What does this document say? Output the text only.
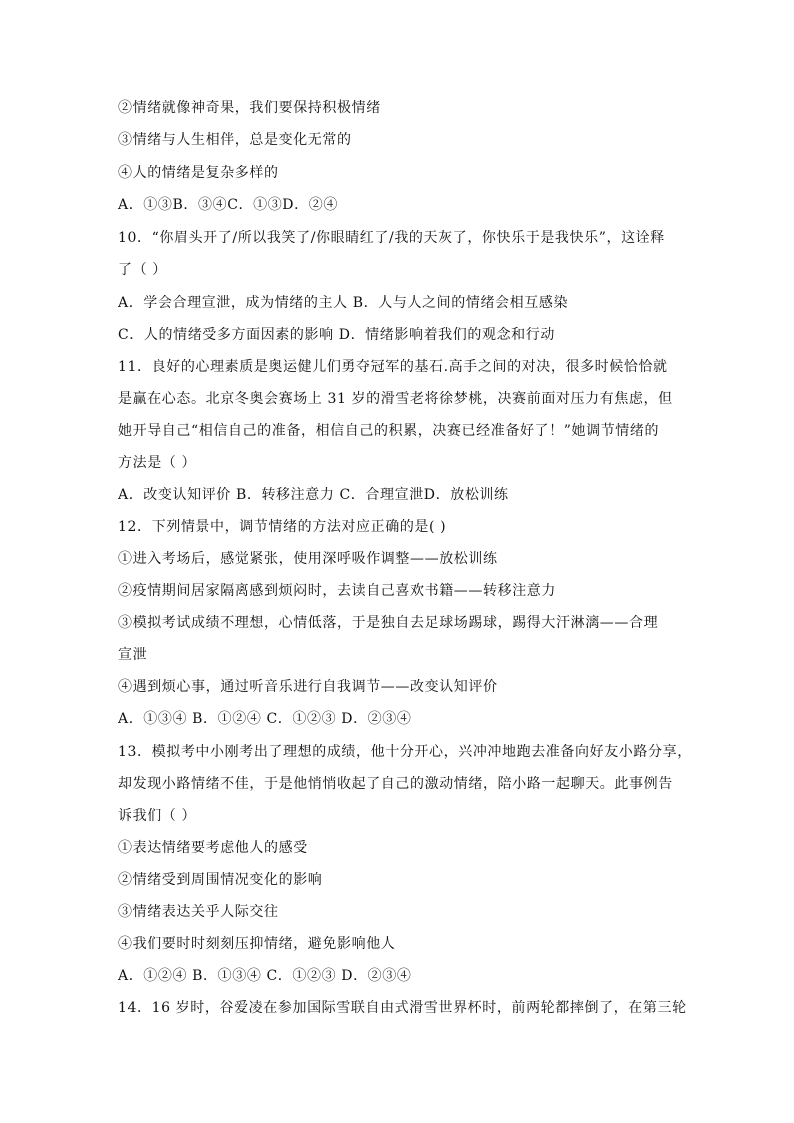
②情绪就像神奇果，我们要保持积极情绪
③情绪与人生相伴，总是变化无常的
④人的情绪是复杂多样的
A．①③B．③④C．①③D．②④
10．“你眉头开了/所以我笑了/你眼睛红了/我的天灰了，你快乐于是我快乐”，这诠释
了（ ）
A．学会合理宣泄，成为情绪的主人 B．人与人之间的情绪会相互感染
C．人的情绪受多方面因素的影响 D．情绪影响着我们的观念和行动
11．良好的心理素质是奥运健儿们勇夺冠军的基石.高手之间的对决，很多时候恰恰就
是赢在心态。北京冬奥会赛场上 31 岁的滑雪老将徐梦桃，决赛前面对压力有焦虑，但
她开导自己“相信自己的准备，相信自己的积累，决赛已经准备好了！”她调节情绪的
方法是（ ）
A．改变认知评价 B．转移注意力 C．合理宣泄D．放松训练
12．下列情景中，调节情绪的方法对应正确的是( )
①进入考场后，感觉紧张，使用深呼吸作调整——放松训练
②疫情期间居家隔离感到烦闷时，去读自己喜欢书籍——转移注意力
③模拟考试成绩不理想，心情低落，于是独自去足球场踢球，踢得大汗淋漓——合理
宣泄
④遇到烦心事，通过听音乐进行自我调节——改变认知评价
A．①③④ B．①②④ C．①②③ D．②③④
13．模拟考中小刚考出了理想的成绩，他十分开心，兴冲冲地跑去准备向好友小路分享，
却发现小路情绪不佳，于是他悄悄收起了自己的激动情绪，陪小路一起聊天。此事例告
诉我们（ ）
①表达情绪要考虑他人的感受
②情绪受到周围情况变化的影响
③情绪表达关乎人际交往
④我们要时时刻刻压抑情绪，避免影响他人
A．①②④ B．①③④ C．①②③ D．②③④
14．16 岁时，谷爱凌在参加国际雪联自由式滑雪世界杯时，前两轮都摔倒了，在第三轮
